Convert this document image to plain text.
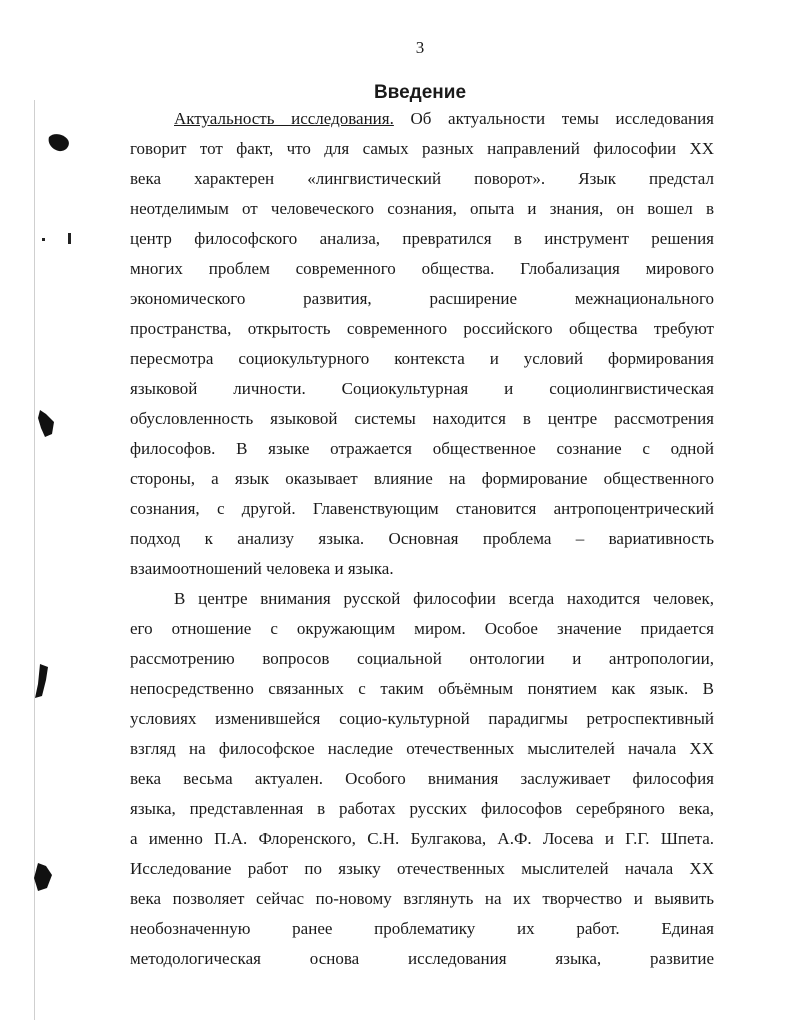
3
Введение
Актуальность исследования. Об актуальности темы исследования
говорит тот факт, что для самых разных направлений философии XX
века характерен «лингвистический поворот». Язык предстал
неотделимым от человеческого сознания, опыта и знания, он вошел в
центр философского анализа, превратился в инструмент решения
многих проблем современного общества. Глобализация мирового
экономического развития, расширение межнационального
пространства, открытость современного российского общества требуют
пересмотра социокультурного контекста и условий формирования
языковой личности. Социокультурная и социолингвистическая
обусловленность языковой системы находится в центре рассмотрения
философов. В языке отражается общественное сознание с одной
стороны, а язык оказывает влияние на формирование общественного
сознания, с другой. Главенствующим становится антропоцентрический
подход к анализу языка. Основная проблема – вариативность
взаимоотношений человека и языка.
В центре внимания русской философии всегда находится человек,
его отношение с окружающим миром. Особое значение придается
рассмотрению вопросов социальной онтологии и антропологии,
непосредственно связанных с таким объёмным понятием как язык. В
условиях изменившейся социо-культурной парадигмы ретроспективный
взгляд на философское наследие отечественных мыслителей начала XX
века весьма актуален. Особого внимания заслуживает философия
языка, представленная в работах русских философов серебряного века,
а именно П.А. Флоренского, С.Н. Булгакова, А.Ф. Лосева и Г.Г. Шпета.
Исследование работ по языку отечественных мыслителей начала XX
века позволяет сейчас по-новому взглянуть на их творчество и выявить
необозначенную ранее проблематику их работ. Единая
методологическая основа исследования языка, развитие
